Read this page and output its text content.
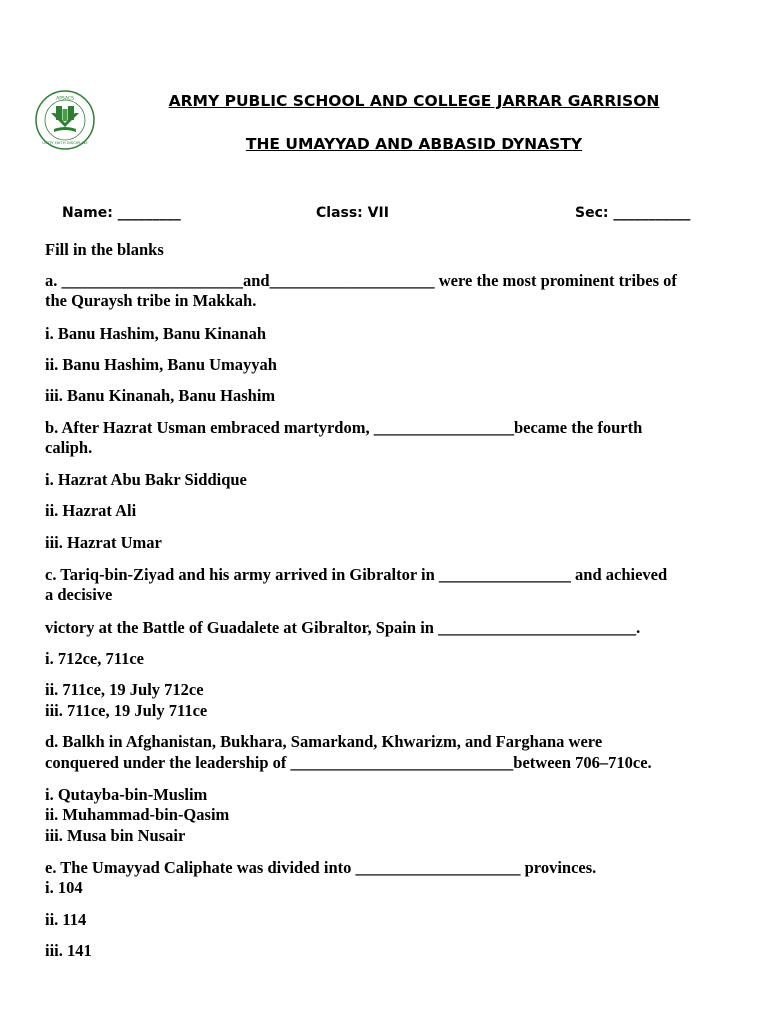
APSACS
UNITY FAITH DISCIPLINE
ARMY PUBLIC SCHOOL AND COLLEGE JARRAR GARRISON
THE UMAYYAD AND ABBASID DYNASTY
Name: _________	Class: VII	Sec: ___________
Fill in the blanks
a. ______________________and____________________ were the most prominent tribes of
the Quraysh tribe in Makkah.
i. Banu Hashim, Banu Kinanah
ii. Banu Hashim, Banu Umayyah
iii. Banu Kinanah, Banu Hashim
b. After Hazrat Usman embraced martyrdom, _________________became the fourth
caliph.
i. Hazrat Abu Bakr Siddique
ii. Hazrat Ali
iii. Hazrat Umar
c. Tariq-bin-Ziyad and his army arrived in Gibraltor in ________________ and achieved
a decisive
victory at the Battle of Guadalete at Gibraltor, Spain in ________________________.
i. 712ce, 711ce
ii. 711ce, 19 July 712ce
iii. 711ce, 19 July 711ce
d. Balkh in Afghanistan, Bukhara, Samarkand, Khwarizm, and Farghana were
conquered under the leadership of ___________________________between 706–710ce.
i. Qutayba-bin-Muslim
ii. Muhammad-bin-Qasim
iii. Musa bin Nusair
e. The Umayyad Caliphate was divided into ____________________ provinces.
i. 104
ii. 114
iii. 141
